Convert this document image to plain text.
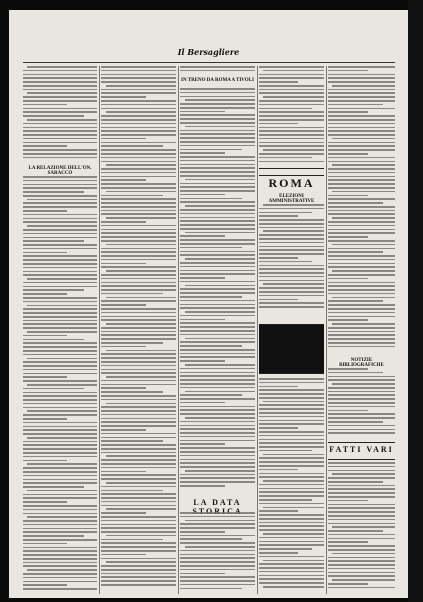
Il Bersagliere
LA RELAZIONE DELL'ON. SARACCO
IN TRENO DA ROMA A TIVOLI
LA DATA
ROMA
ELEZIONI AMMINISTRATIVE
NOTIZIE BIBLIOGRAFICHE
FATTI VARI
